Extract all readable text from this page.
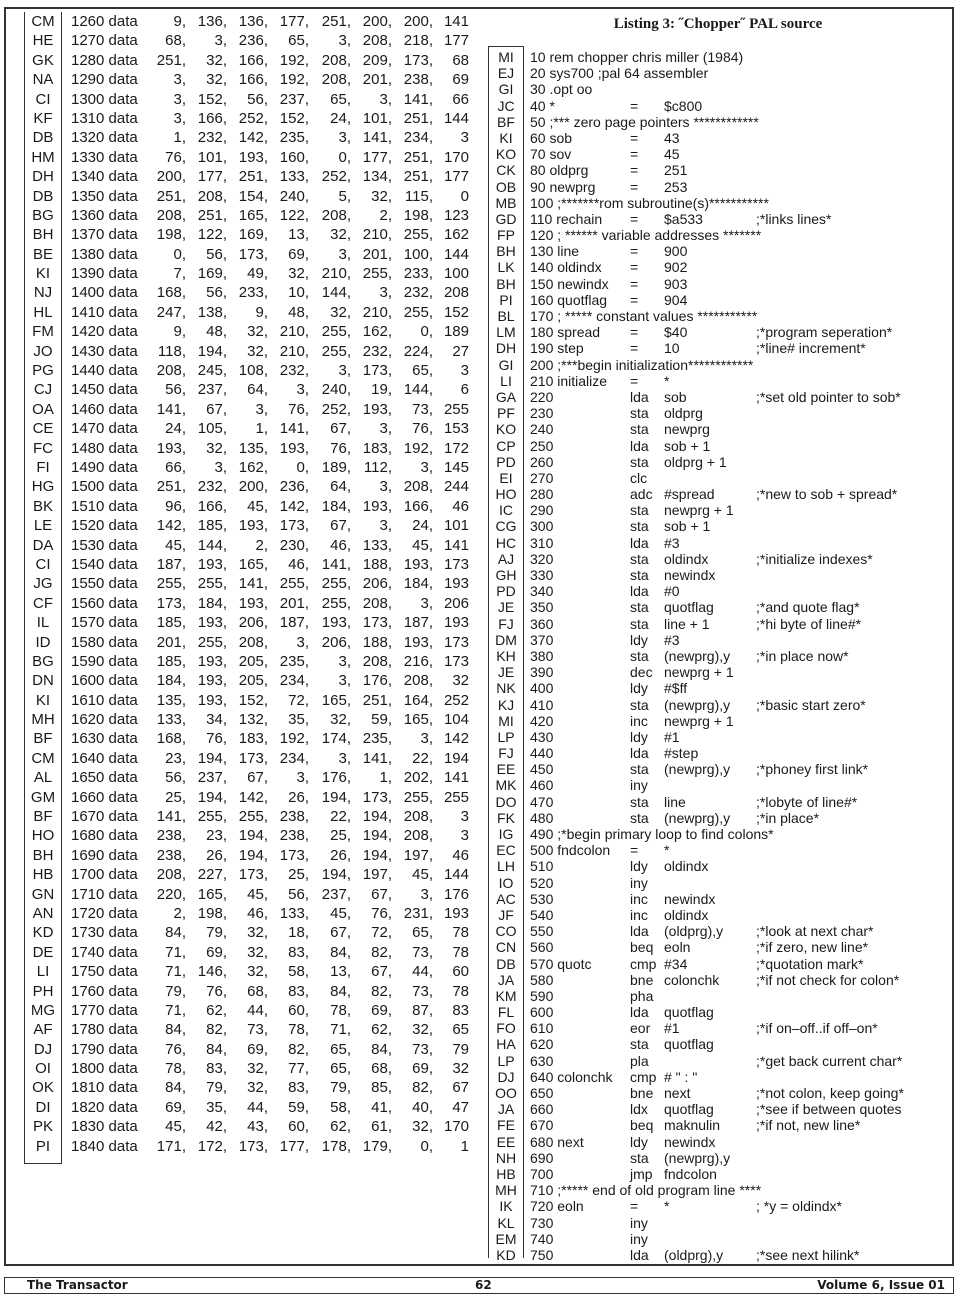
CM	1260 data	9, 136, 136, 177, 251, 200, 200, 141
HE	1270 data	68,	3, 236,	65,	3, 208, 218, 177
GK	1280 data 251,	32, 166, 192, 208, 209, 173,	68
NA	1290 data	3,	32, 166, 192, 208, 201, 238,	69
CI	1300 data	3, 152,	56, 237,	65,	3, 141,	66
KF	1310 data	3, 166, 252, 152,	24, 101, 251, 144
DB	1320 data	1, 232, 142, 235,	3, 141, 234,	3
HM	1330 data	76, 101, 193, 160,	0, 177, 251, 170
DH	1340 data 200, 177, 251, 133, 252, 134, 251, 177
DB	1350 data 251, 208, 154, 240,	5,	32, 115,	0
BG	1360 data 208, 251, 165, 122, 208,	2, 198, 123
BH	1370 data 198, 122, 169,	13,	32, 210, 255, 162
BE	1380 data	0,	56, 173,	69,	3, 201, 100, 144
KI	1390 data	7, 169,	49,	32, 210, 255, 233, 100
NJ	1400 data 168,	56, 233,	10, 144,	3, 232, 208
HL	1410 data 247, 138,	9,	48,	32, 210, 255, 152
FM	1420 data	9,	48,	32, 210, 255, 162,	0, 189
JO	1430 data 118, 194,	32, 210, 255, 232, 224,	27
PG	1440 data 208, 245, 108, 232,	3, 173,	65,	3
CJ	1450 data	56, 237,	64,	3, 240,	19, 144,	6
OA	1460 data 141,	67,	3,	76, 252, 193,	73, 255
CE	1470 data	24, 105,	1, 141,	67,	3,	76, 153
FC	1480 data 193,	32, 135, 193,	76, 183, 192, 172
FI	1490 data	66,	3, 162,	0, 189, 112,	3, 145
HG	1500 data 251, 232, 200, 236,	64,	3, 208, 244
BK	1510 data	96, 166,	45, 142, 184, 193, 166,	46
LE	1520 data 142, 185, 193, 173,	67,	3,	24, 101
DA	1530 data	45, 144,	2, 230,	46, 133,	45, 141
CI	1540 data 187, 193, 165,	46, 141, 188, 193, 173
JG	1550 data 255, 255, 141, 255, 255, 206, 184, 193
CF	1560 data 173, 184, 193, 201, 255, 208,	3, 206
IL	1570 data 185, 193, 206, 187, 193, 173, 187, 193
ID	1580 data 201, 255, 208,	3, 206, 188, 193, 173
BG	1590 data 185, 193, 205, 235,	3, 208, 216, 173
DN	1600 data 184, 193, 205, 234,	3, 176, 208,	32
KI	1610 data 135, 193, 152,	72, 165, 251, 164, 252
MH	1620 data 133,	34, 132,	35,	32,	59, 165, 104
BF	1630 data 168,	76, 183, 192, 174, 235,	3, 142
CM	1640 data	23, 194, 173, 234,	3, 141,	22, 194
AL	1650 data	56, 237,	67,	3, 176,	1, 202, 141
GM	1660 data	25, 194, 142,	26, 194, 173, 255, 255
BF	1670 data 141, 255, 255, 238,	22, 194, 208,	3
HO	1680 data 238,	23, 194, 238,	25, 194, 208,	3
BH	1690 data 238,	26, 194, 173,	26, 194, 197,	46
HB	1700 data 208, 227, 173,	25, 194, 197,	45, 144
GN	1710 data 220, 165,	45,	56, 237,	67,	3, 176
AN	1720 data	2, 198,	46, 133,	45,	76, 231, 193
KD	1730 data	84,	79,	32,	18,	67,	72,	65,	78
DE	1740 data	71,	69,	32,	83,	84,	82,	73,	78
LI	1750 data	71, 146,	32,	58,	13,	67,	44,	60
PH	1760 data	79,	76,	68,	83,	84,	82,	73,	78
MG	1770 data	71,	62,	44,	60,	78,	69,	87,	83
AF	1780 data	84,	82,	73,	78,	71,	62,	32,	65
DJ	1790 data	76,	84,	69,	82,	65,	84,	73,	79
OI	1800 data	78,	83,	32,	77,	65,	68,	69,	32
OK	1810 data	84,	79,	32,	83,	79,	85,	82,	67
DI	1820 data	69,	35,	44,	59,	58,	41,	40,	47
PK	1830 data	45,	42,	43,	60,	62,	61,	32, 170
PI	1840 data 171, 172, 173, 177, 178, 179,	0,	1
Listing 3: ˝Chopper˝ PAL source
MI	10 rem chopper chris miller (1984)
EJ	20 sys700 ;pal 64 assembler
GI	30 .opt oo
JC	40 *	= $c800
BF	50 ;*** zero page pointers ************
KI	60 sob	= 43
KO 70 sov	= 45
CK	80 oldprg	= 251
OB 90 newprg = 253
MB 100 ;*******rom subroutine(s)***********
GD 110 rechain = $a533	;*links lines*
FP	120 ; ****** variable addresses *******
BH	130 line	= 900
LK	140 oldindx = 902
BH	150 newindx = 903
PI	160 quotflag = 904
BL	170 ; ***** constant values ***********
LM	180 spread = $40	;*program seperation*
DH 190 step	= 10	;*line# increment*
GI	200 ;***begin initialization************
LI	210 initialize = *
GA 220	lda sob	;*set old pointer to sob*
PF	230	sta oldprg
KO 240	sta newprg
CP	250	lda sob + 1
PD	260	sta oldprg + 1
EI	270	clc
HO 280	adc #spread	;*new to sob + spread*
IC	290	sta newprg + 1
CG 300	sta sob + 1
HC 310	lda #3
AJ	320	sta oldindx	;*initialize indexes*
GH 330	sta newindx
PD	340	lda #0
JE	350	sta quotflag	;*and quote flag*
FJ	360	sta line + 1	;*hi byte of line#*
DM 370	ldy #3
KH	380	sta (newprg),y ;*in place now*
JE	390	dec newprg + 1
NK	400	ldy #$ff
KJ	410	sta (newprg),y ;*basic start zero*
MI	420	inc newprg + 1
LP	430	ldy #1
FJ	440	lda #step
EE	450	sta (newprg),y ;*phoney first link*
MK 460	iny
DO 470	sta line	;*lobyte of line#*
FK	480	sta (newprg),y ;*in place*
IG	490 ;*begin primary loop to find colons*
EC	500 fndcolon = *
LH	510	ldy oldindx
IO	520	iny
AC	530	inc newindx
JF	540	inc oldindx
CO 550	lda (oldprg),y ;*look at next char*
CN 560	beq eoln	;*if zero, new line*
DB	570 quotc	cmp #34	;*quotation mark*
JA	580	bne colonchk	;*if not check for colon*
KM 590	pha
FL	600	lda quotflag
FO	610	eor #1	;*if on–off..if off–on*
HA	620	sta quotflag
LP	630	pla	;*get back current char*
DJ	640 colonchk cmp # " : "
OO 650	bne next	;*not colon, keep going*
JA	660	ldx quotflag	;*see if between quotes
FE	670	beq maknulin	;*if not, new line*
EE	680 next	ldy newindx
NH 690	sta (newprg),y
HB	700	jmp fndcolon
MH 710 ;***** end of old program line ****
IK	720 eoln	= *	; *y = oldindx*
KL	730	iny
EM 740	iny
KD	750	lda (oldprg),y ;*see next hilink*
The Transactor	62	Volume 6, Issue 01
